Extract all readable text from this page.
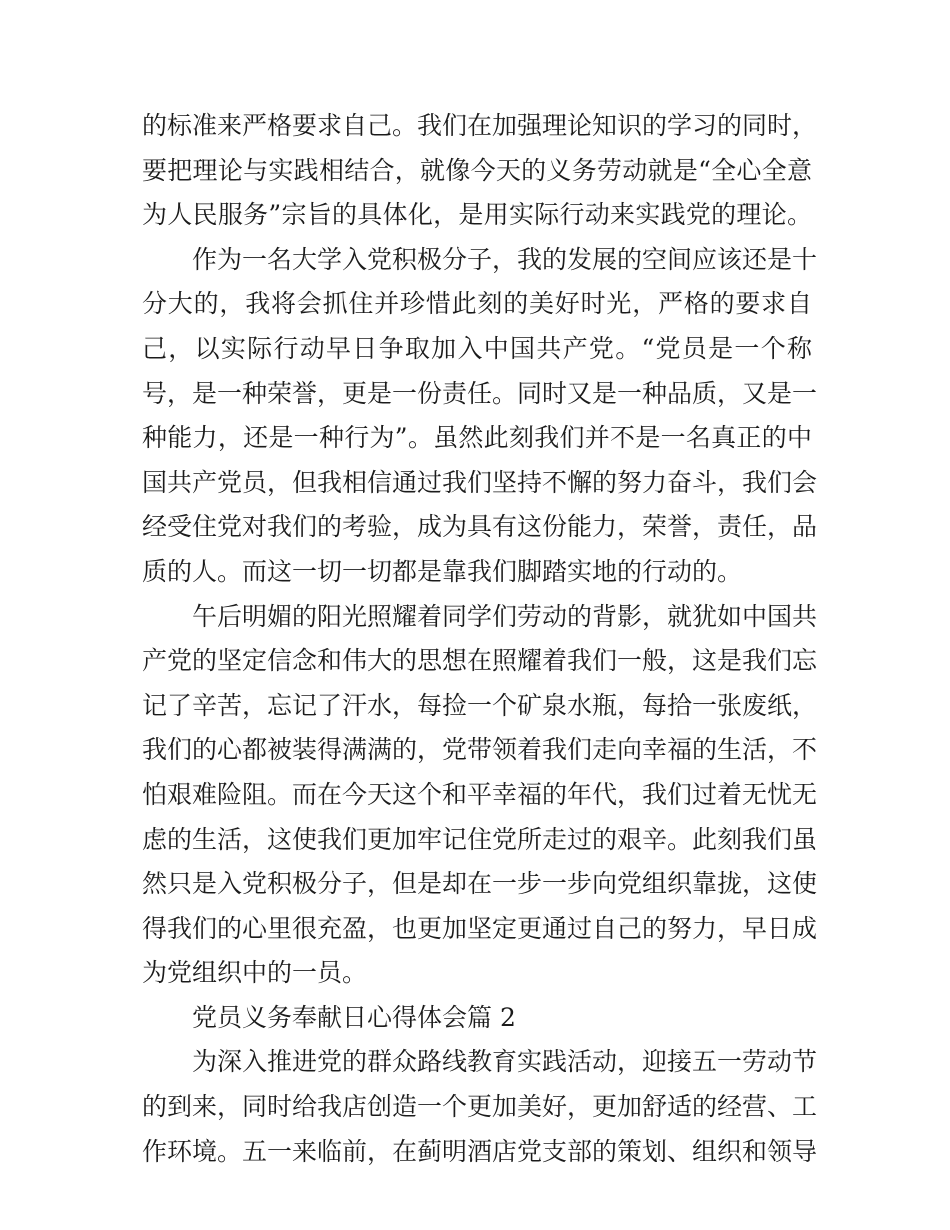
的标准来严格要求自己。我们在加强理论知识的学习的同时，
要把理论与实践相结合，就像今天的义务劳动就是“全心全意
为人民服务”宗旨的具体化，是用实际行动来实践党的理论。
作为一名大学入党积极分子，我的发展的空间应该还是十
分大的，我将会抓住并珍惜此刻的美好时光，严格的要求自
己，以实际行动早日争取加入中国共产党。“党员是一个称
号，是一种荣誉，更是一份责任。同时又是一种品质，又是一
种能力，还是一种行为”。虽然此刻我们并不是一名真正的中
国共产党员，但我相信通过我们坚持不懈的努力奋斗，我们会
经受住党对我们的考验，成为具有这份能力，荣誉，责任，品
质的人。而这一切一切都是靠我们脚踏实地的行动的。
午后明媚的阳光照耀着同学们劳动的背影，就犹如中国共
产党的坚定信念和伟大的思想在照耀着我们一般，这是我们忘
记了辛苦，忘记了汗水，每捡一个矿泉水瓶，每拾一张废纸，
我们的心都被装得满满的，党带领着我们走向幸福的生活，不
怕艰难险阻。而在今天这个和平幸福的年代，我们过着无忧无
虑的生活，这使我们更加牢记住党所走过的艰辛。此刻我们虽
然只是入党积极分子，但是却在一步一步向党组织靠拢，这使
得我们的心里很充盈，也更加坚定更通过自己的努力，早日成
为党组织中的一员。
党员义务奉献日心得体会篇 2
为深入推进党的群众路线教育实践活动，迎接五一劳动节
的到来，同时给我店创造一个更加美好，更加舒适的经营、工
作环境。五一来临前，在蓟明酒店党支部的策划、组织和领导
